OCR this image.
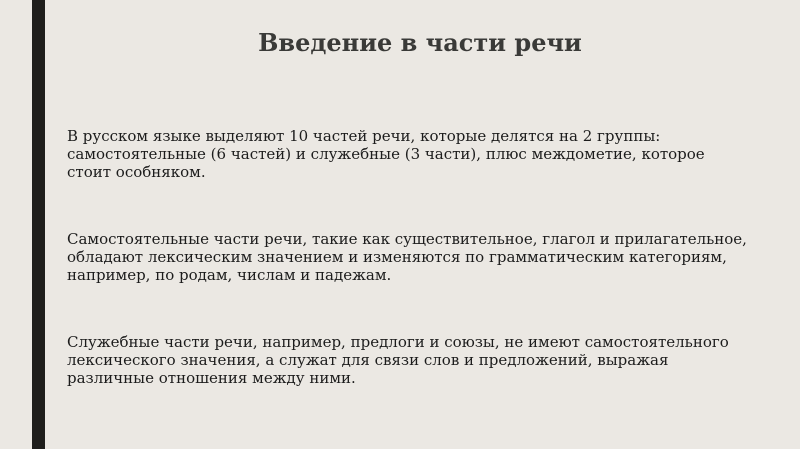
Введение в части речи

В русском языке выделяют 10 частей речи, которые делятся на 2 группы: самостоятельные (6 частей) и служебные (3 части), плюс междометие, которое стоит особняком.

Самостоятельные части речи, такие как существительное, глагол и прилагательное, обладают лексическим значением и изменяются по грамматическим категориям, например, по родам, числам и падежам.

Служебные части речи, например, предлоги и союзы, не имеют самостоятельного лексического значения, а служат для связи слов и предложений, выражая различные отношения между ними.
